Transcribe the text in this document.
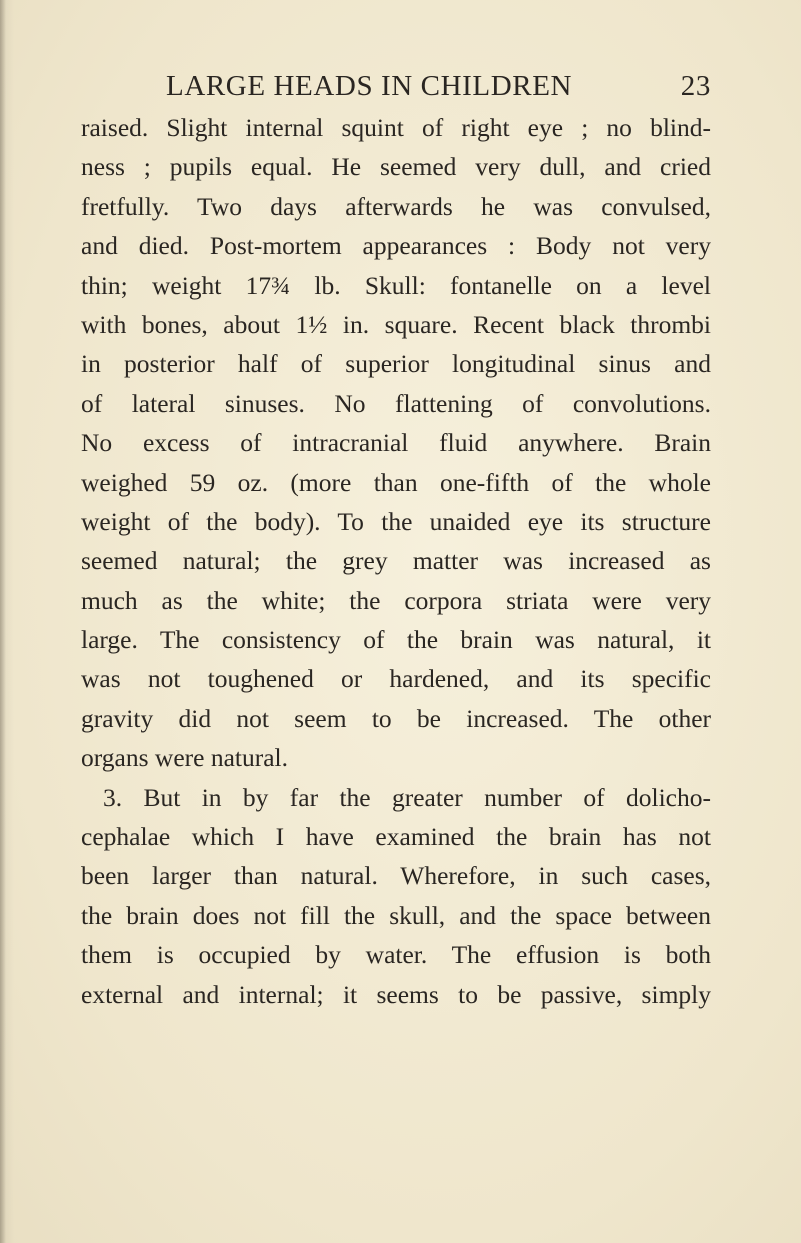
LARGE HEADS IN CHILDREN	23
raised. Slight internal squint of right eye ; no blind-
ness ; pupils equal. He seemed very dull, and cried
fretfully. Two days afterwards he was convulsed,
and died. Post-mortem appearances : Body not very
thin; weight 17¾ lb. Skull: fontanelle on a level
with bones, about 1½ in. square. Recent black thrombi
in posterior half of superior longitudinal sinus and
of lateral sinuses. No flattening of convolutions.
No excess of intracranial fluid anywhere. Brain
weighed 59 oz. (more than one-fifth of the whole
weight of the body). To the unaided eye its structure
seemed natural; the grey matter was increased as
much as the white; the corpora striata were very
large. The consistency of the brain was natural, it
was not toughened or hardened, and its specific
gravity did not seem to be increased. The other
organs were natural.
3. But in by far the greater number of dolicho-
cephalae which I have examined the brain has not
been larger than natural. Wherefore, in such cases,
the brain does not fill the skull, and the space between
them is occupied by water. The effusion is both
external and internal; it seems to be passive, simply
